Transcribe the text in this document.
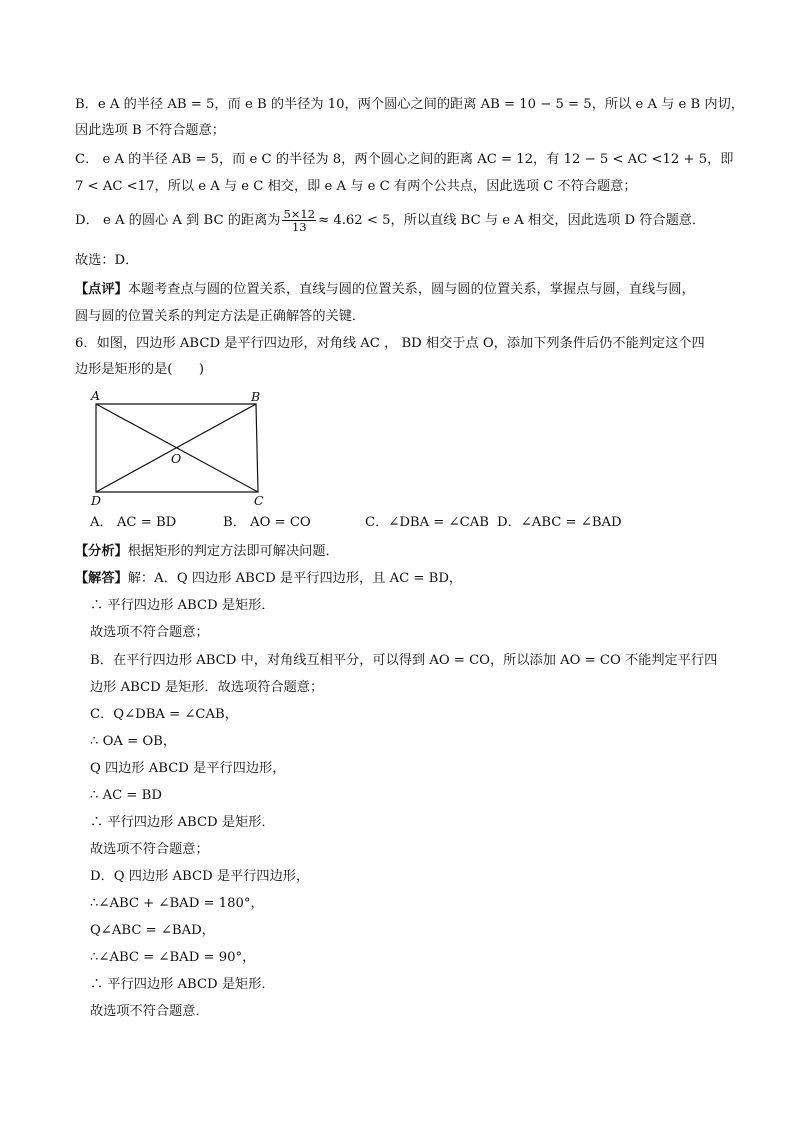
B．e A 的半径 AB = 5，而 e B 的半径为 10，两个圆心之间的距离 AB = 10 − 5 = 5，所以 e A 与 e B 内切，
因此选项 B 不符合题意；
C． e A 的半径 AB = 5，而 e C 的半径为 8，两个圆心之间的距离 AC = 12，有 12 − 5 < AC <12 + 5，即
7 < AC <17，所以 e A 与 e C 相交，即 e A 与 e C 有两个公共点，因此选项 C 不符合题意；
D． e A 的圆心 A 到 BC 的距离为 $\frac{5\times 12}{13} \approx 4.62 < 5$，所以直线 BC 与 e A 相交，因此选项 D 符合题意．
故选：D．
【点评】本题考查点与圆的位置关系，直线与圆的位置关系，圆与圆的位置关系，掌握点与圆，直线与圆，
圆与圆的位置关系的判定方法是正确解答的关键．
6．如图，四边形 ABCD 是平行四边形，对角线 AC ， BD 相交于点 O，添加下列条件后仍不能判定这个四
边形是矩形的是(　　)
A	B
C
D
O
A． AC = BD	B． AO = CO	C．∠DBA = ∠CAB D．∠ABC = ∠BAD
【分析】根据矩形的判定方法即可解决问题．
【解答】解：A．Q 四边形 ABCD 是平行四边形，且 AC = BD，
∴ 平行四边形 ABCD 是矩形．
故选项不符合题意；
B．在平行四边形 ABCD 中，对角线互相平分，可以得到 AO = CO，所以添加 AO = CO 不能判定平行四
边形 ABCD 是矩形．故选项符合题意；
C．Q∠DBA = ∠CAB，
∴ OA = OB，
Q 四边形 ABCD 是平行四边形，
∴ AC = BD
∴ 平行四边形 ABCD 是矩形．
故选项不符合题意；
D．Q 四边形 ABCD 是平行四边形，
∴∠ABC + ∠BAD = 180°，
Q∠ABC = ∠BAD，
∴∠ABC = ∠BAD = 90°，
∴ 平行四边形 ABCD 是矩形．
故选项不符合题意．
